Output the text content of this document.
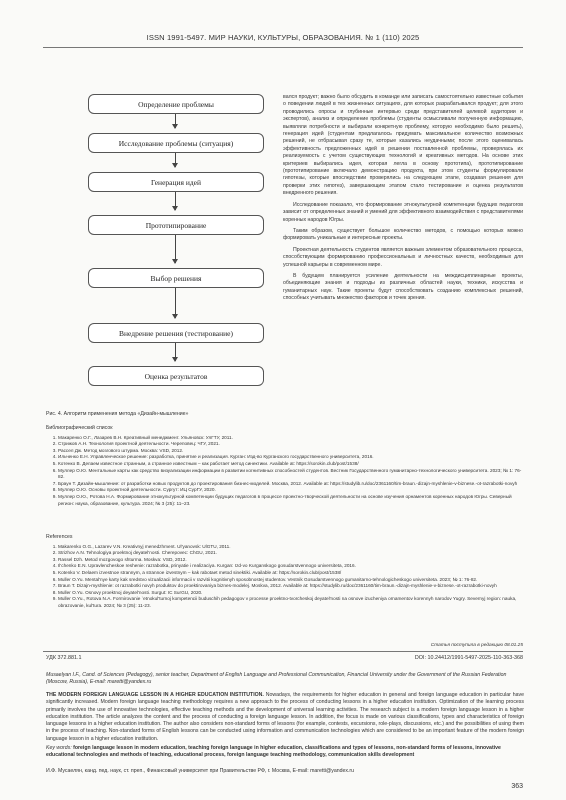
ISSN 1991-5497. МИР НАУКИ, КУЛЬТУРЫ, ОБРАЗОВАНИЯ. № 1 (110) 2025
Определение проблемы
Исследование проблемы (ситуация)
Генерация идей
Прототипирование
Выбор решения
Внедрение решения (тестирование)
Оценка результатов
Рис. 4. Алгоритм применения метода «Дизайн-мышление»

вался продукт; важно было обсудить в команде или записать самостоятельно известные события о поведении людей в тех жизненных ситуациях, для которых разрабатывался продукт; для этого проводились опросы и глубинные интервью среди представителей целевой аудитории и экспертов), анализ и определение проблемы (студенты осмысливали полученную информацию, выявляли потребности и выбирали конкретную проблему, которую необходимо было решить), генерация идей (студентам предлагалось придумать максимальное количество возможных решений, не отбрасывая сразу те, которые казались неудачными; после этого оценивалась эффективность предложенных идей в решении поставленной проблемы, проверялась их реализуемость с учетом существующих технологий и креативных методов. На основе этих критериев выбирались идея, которая легла в основу прототипа), прототипирование (прототипирование включало демонстрацию продукта, при этом студенты формулировали гипотезы, которые впоследствии проверялись на следующем этапе, создавая решения для проверки этих гипотез), завершающим этапом стало тестирование и оценка результатов внедренного решения.

Исследование показало, что формирование этнокультурной компетенции будущих педагогов зависит от определенных знаний и умений для эффективного взаимодействия с представителями коренных народов Югры.

Таким образом, существует большое количество методов, с помощью которых можно формировать уникальные и интересные проекты.

Проектная деятельность студентов является важным элементом образовательного процесса, способствующим формированию профессиональных и личностных качеств, необходимых для успешной карьеры в современном мире.

В будущем планируется усиление деятельности на междисциплинарные проекты, объединяющие знания и подходы из различных областей науки, техники, искусства и гуманитарных наук. Такие проекты будут способствовать созданию комплексных решений, способных учитывать множество факторов и точек зрения.

Библиографический список
1. Макаренко О.Г., Лазарев В.Н. Креативный менеджмент. Ульяновск: УлГТУ, 2011.
2. Стрижов А.Н. Технология проектной деятельности. Череповец: ЧГУ, 2021.
3. Рассел Дж. Метод мозгового штурма. Москва: VSD, 2012.
4. Ильченко Е.Н. Управленческое решение: разработка, принятие и реализация. Курган: Изд-во Курганского государственного университета, 2016.
5. Котенко В. Делаем известное странным, а странное известным – как работает метод синектики. Available at: https://sorokin.club/post/1538/
6. Муллер О.Ю. Ментальные карты как средство визуализации информации в развитии когнитивных способностей студентов. Вестник Государственного гуманитарно-технологического университета. 2023; № 1: 76-82.
7. Браун Т. Дизайн-мышление: от разработки новых продуктов до проектирования бизнес-моделей. Москва, 2012. Available at: https://studylib.ru/doc/2361160/tim-braun.-dizajn-myshlenie-v-biznese.-ot-razrabotki-novyh
8. Муллер О.Ю. Основы проектной деятельности. Сургут: ИЦ СурГУ, 2020.
9. Муллер О.Ю., Ротова Н.А. Формирование этнокультурной компетенции будущих педагогов в процессе проектно-творческой деятельности на основе изучения орнаментов коренных народов Югры. Северный регион: наука, образование, культура. 2024; № 3 (25): 11–23.
References
1. Makarenko O.G., Lazarev V.N. Kreativnyj menedzhment. Ul'yanovsk: UlGTU, 2011.
2. Strizhov A.N. Tehnologiya proektnoj deyatel'nosti. Cherepovec: ChGU, 2021.
3. Rassel Dzh. Metod mozgovogo shturma. Moskva: VSD, 2012.
4. Il'chenko E.N. Upravlencheskoe reshenie: razrabotka, prinyatie i realizaciya. Kurgan: Izd-vo Kurganskogo gosudarstvennogo universiteta, 2016.
5. Kotenko V. Delaem izvestnoe strannym, a strannoe izvestnym – kak rabotaet metod sinektiki. Available at: https://sorokin.club/post/1538/
6. Muller O.Yu. Mental'nye karty kak sredstvo vizualizacii informacii v razvitii kognitivnyh sposobnostej studentov. Vestnik Gosudarstvennogo gumanitarno-tehnologicheskogo universiteta. 2023; № 1: 76-82.
7. Braun T. Dizajn-myshlenie: ot razrabotki novyh produktov do proektirovaniya biznes-modelej. Moskva, 2012. Available at: https://studylib.ru/doc/2361160/tim-braun.-dizajn-myshlenie-v-biznese.-ot-razrabotki-novyh
8. Muller O.Yu. Osnovy proektnoj deyatel'nosti. Surgut: IC SurGU, 2020.
9. Muller O.Yu., Rotova N.A. Formirovanie `etnokul'turnoj kompetencii buduschih pedagogov v processe proektno-tvorcheskoj deyatel'nosti na osnove izucheniya ornamentov korennyh narodov Yugry. Severnyj region: nauka, obrazovanie, kul'tura. 2024; № 3 (25): 11-23.
Статья поступила в редакцию 08.01.25
УДК 372.881.1	DOI: 10.24412/1991-5497-2025-110-363-368
Musaelyan I.F., Cand. of Sciences (Pedagogy), senior teacher, Department of English Language and Professional Communication, Financial University under the Government of the Russian Federation (Moscow, Russia), E-mail: maretti@yandex.ru
THE MODERN FOREIGN LANGUAGE LESSON IN A HIGHER EDUCATION INSTITUTION. Nowadays, the requirements for higher education in general and foreign language education in particular have significantly increased. Modern foreign language teaching methodology requires a new approach to the process of conducting lessons in a higher education institution. Optimization of the learning process primarily involves the use of innovative technologies, effective teaching methods and the development of universal learning activities. The research subject is a modern foreign language lesson in a higher education institution. The article analyzes the content and the process of conducting a foreign language lesson. In addition, the focus is made on various classifications, types and characteristics of foreign language lessons in a higher education institution. The author also considers non-standard forms of lessons (for example, contests, excursions, role-plays, discussions, etc.) and the possibilities of using them in the process of teaching. Non-standard forms of English lessons can be conducted using information and communication technologies which are considered to be an important feature of the modern foreign language lesson in a higher education institution.
Key words: foreign language lesson in modern education, teaching foreign language in higher education, classifications and types of lessons, non-standard forms of lessons, innovative educational technologies and methods of teaching, educational process, foreign language teaching methodology, communication skills development
И.Ф. Мусаелян, канд. пед. наук, ст. преп., Финансовый университет при Правительстве РФ, г. Москва, E-mail: maretti@yandex.ru
363
